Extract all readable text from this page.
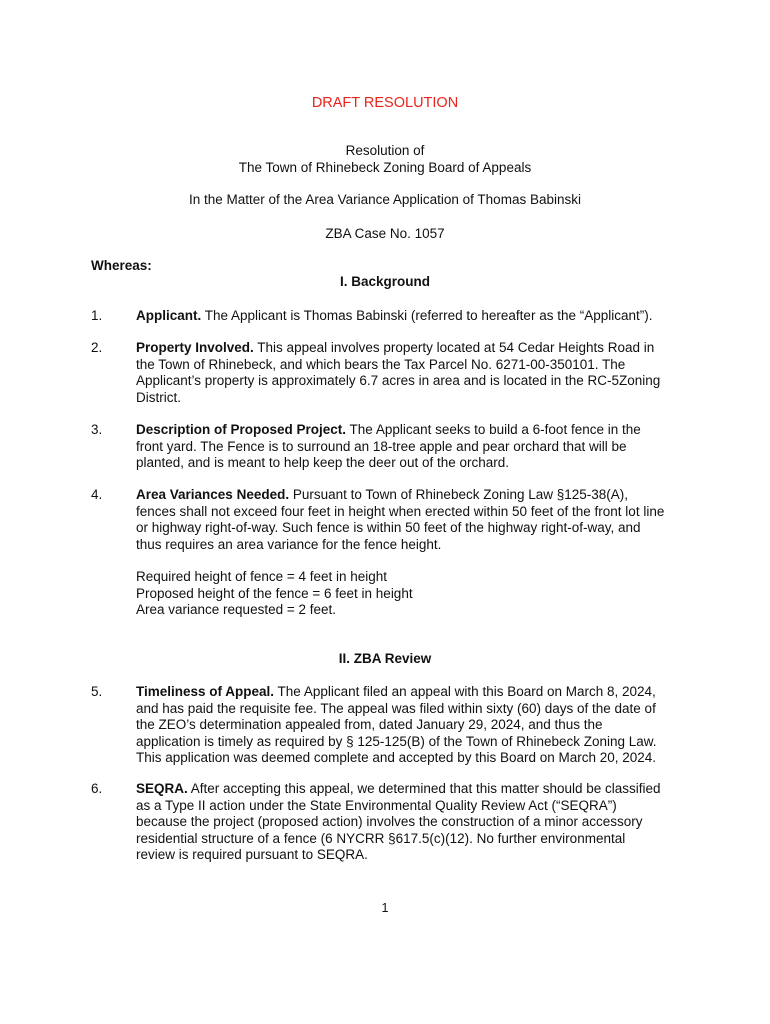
DRAFT RESOLUTION
Resolution of
The Town of Rhinebeck Zoning Board of Appeals
In the Matter of the Area Variance Application of Thomas Babinski
ZBA Case No. 1057
Whereas:
I. Background
1. Applicant. The Applicant is Thomas Babinski (referred to hereafter as the “Applicant”).
2. Property Involved. This appeal involves property located at 54 Cedar Heights Road in
the Town of Rhinebeck, and which bears the Tax Parcel No. 6271-00-350101. The
Applicant’s property is approximately 6.7 acres in area and is located in the RC-5Zoning
District.
3. Description of Proposed Project. The Applicant seeks to build a 6-foot fence in the
front yard. The Fence is to surround an 18-tree apple and pear orchard that will be
planted, and is meant to help keep the deer out of the orchard.
4. Area Variances Needed. Pursuant to Town of Rhinebeck Zoning Law §125-38(A),
fences shall not exceed four feet in height when erected within 50 feet of the front lot line
or highway right-of-way. Such fence is within 50 feet of the highway right-of-way, and
thus requires an area variance for the fence height.
Required height of fence = 4 feet in height
Proposed height of the fence = 6 feet in height
Area variance requested = 2 feet.
II. ZBA Review
5. Timeliness of Appeal. The Applicant filed an appeal with this Board on March 8, 2024,
and has paid the requisite fee. The appeal was filed within sixty (60) days of the date of
the ZEO’s determination appealed from, dated January 29, 2024, and thus the
application is timely as required by § 125-125(B) of the Town of Rhinebeck Zoning Law.
This application was deemed complete and accepted by this Board on March 20, 2024.
6. SEQRA. After accepting this appeal, we determined that this matter should be classified
as a Type II action under the State Environmental Quality Review Act (“SEQRA”)
because the project (proposed action) involves the construction of a minor accessory
residential structure of a fence (6 NYCRR §617.5(c)(12). No further environmental
review is required pursuant to SEQRA.
1
